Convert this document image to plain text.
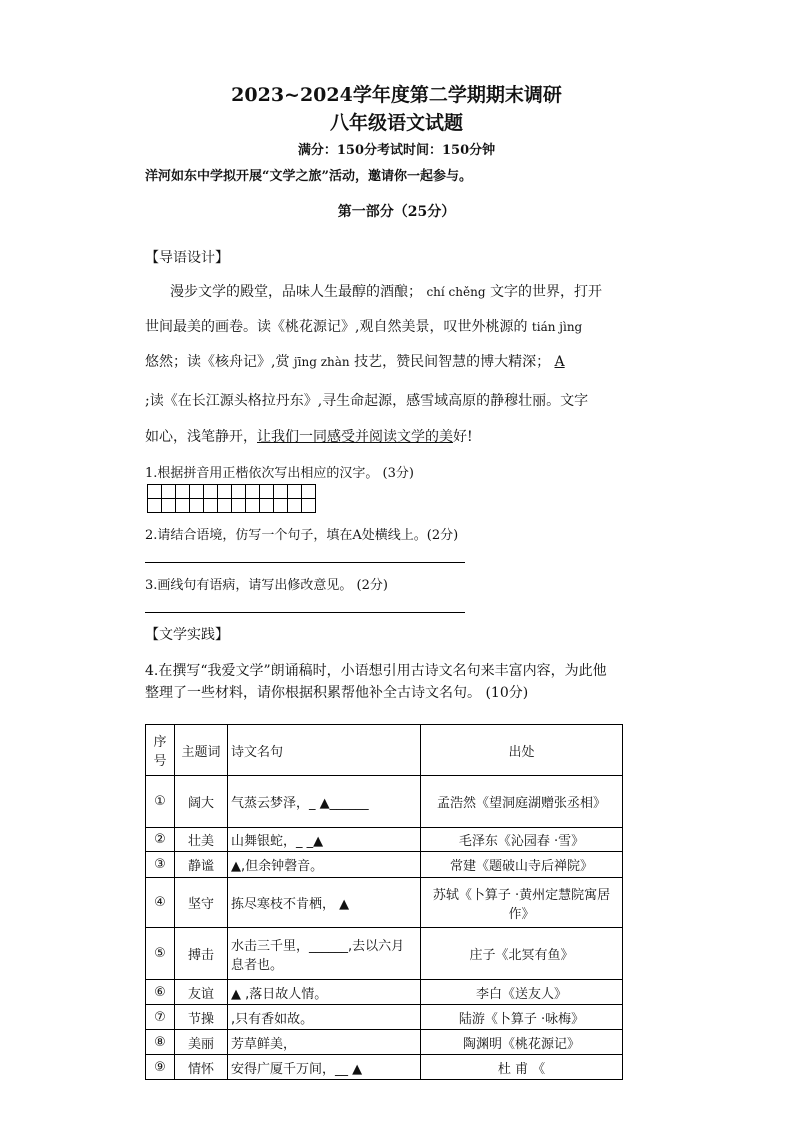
2023~2024学年度第二学期期末调研
八年级语文试题
满分：150分考试时间：150分钟
洋河如东中学拟开展“文学之旅”活动，邀请你一起参与。
第一部分（25分）
【导语设计】
漫步文学的殿堂，品味人生最醇的酒酿； chí chěng 文字的世界，打开
世间最美的画卷。读《桃花源记》,观自然美景，叹世外桃源的 tián jìng
悠然；读《核舟记》,赏 jīng zhàn 技艺，赞民间智慧的博大精深； A
;读《在长江源头格拉丹东》,寻生命起源，感雪域高原的静穆壮丽。文字
如心，浅笔静开，让我们一同感受并阅读文学的美好!
1.根据拼音用正楷依次写出相应的汉字。 (3分)

2.请结合语境，仿写一个句子，填在A处横线上。(2分)
3.画线句有语病，请写出修改意见。 (2分)
【文学实践】
4.在撰写“我爱文学”朗诵稿时，小语想引用古诗文名句来丰富内容，为此他
整理了一些材料，请你根据积累帮他补全古诗文名句。 (10分)
序
号	主题词	诗文名句	出处
①	阔大	气蒸云梦泽，_ ▲______	孟浩然《望洞庭湖赠张丞相》
②	壮美	山舞银蛇，_ _▲	毛泽东《沁园春 ·雪》
③	静谧	▲,但余钟磬音。	常建《题破山寺后禅院》
④	坚守	拣尽寒枝不肯栖， ▲	苏轼《卜算子 ·黄州定慧院寓居作》
⑤	搏击	水击三千里，______,去以六月息者也。	庄子《北冥有鱼》
⑥	友谊	▲ ,落日故人情。	李白《送友人》
⑦	节操	,只有香如故。	陆游《卜算子 ·咏梅》
⑧	美丽	芳草鲜美，	陶渊明《桃花源记》
⑨	情怀	安得广厦千万间，__ ▲	杜 甫 《
